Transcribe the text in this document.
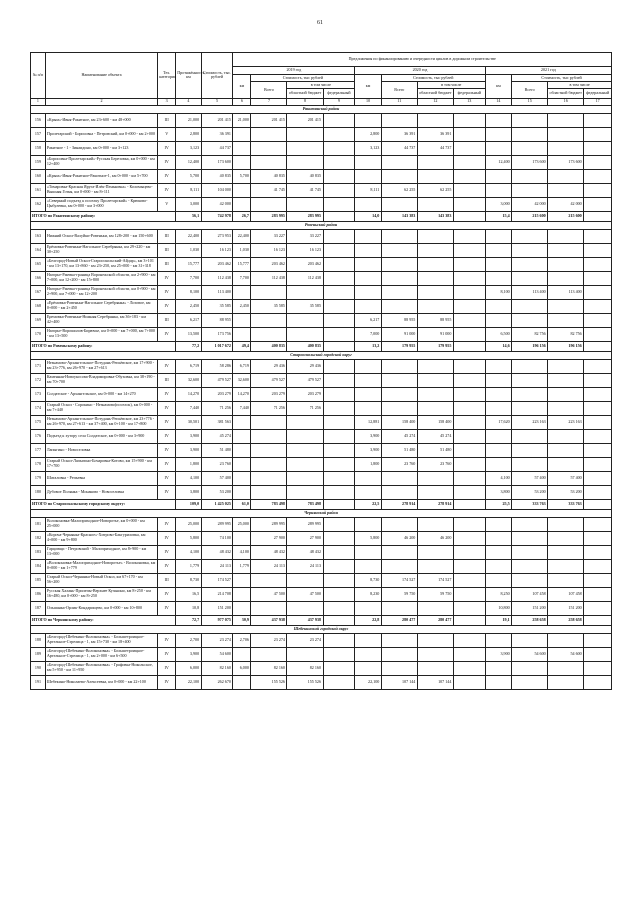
61
№ п/п	Наименование объекта	Тех. категория	Протяжённость, км	Стоимость, тыс. рублей	Предложения по финансированию и очередности циклов в дорожном строительстве											
					2019 год				2020 год				2021 год			
					км	Стоимость, тыс рублей			км	Стоимость, тыс рублей			км	Стоимость, тыс рублей		
						Всего	в том числе			Всего	в том числе			Всего	в том числе	
							областной бюджет	федеральный			областной бюджет	федеральный			областной бюджет	федеральный
1	2	3	4	5	6	7	8	9	10	11	12	13	14	15	16	17
Ракитянский район																
156	«Крым»-Ивня-Ракитное, км 23+600 - км 48+000	III	21,000	201 415	21,000	201 415	201 415									
157	Пролетарский - Борисовка - Петровский, км 0+000 - км 2+000	V	2,800	36 391					2,800	36 391	36 391					
158	Ракитное - 1 - Зинаидино, км 0+000 - км 3+123	IV	3,123	44 737					3,123	44 737	44 737					
159	«Борисовка-Пролетарский»-Русская Березовка, км 0+000 - км 12+400	IV	12,400	173 600									12,400	173 600	173 600	
160	«Крым»-Ивня-Ракитное-Ракитное-1, км 0+000 - км 5+700	IV	5,700	40 835	5,700	40 835	40 835									
161	«Томаровка-Красная Яруга-Илёк-Пеньковка» - Коломыцево-Вышняя Готня, км 0+000 - км 8+111	IV	8,111	104 000		41 745	41 745		8,111	62 255	62 255					
162	«Северный подъезд к поселку Пролетарский» - Крюково-Цыбулевка, км 0+000 - км 3+000	V	3,000	42 000									3,000	42 000	42 000	
ИТОГО по Ракитянскому району:			56,1	742 978	26,7	283 995	283 995		14,0	143 383	143 383		15,4	215 600	215 600	
Ровеньский район																
163	Нижний Оскол-Валуйки-Ровеньки, км 128+200 - км 150+600	III	22,400	273 953	22,400	33 227	33 227									
164	Ерёмовка-Ровеньки-Нагольное Серебрянка, км 29+220 - км 30+250	III	1,030	16 123	1,030	16 123	16 123									
165	«Белгород-Новый Оскол-Старооскольский-Айдар», км 3+101 - км 13+170, км 13+860 - км 23+250, км 25+000 - км 31+318	III	15,777	203 462	15,777	203 462	203 462									
166	Нагорье-Ржевка-граница Воронежской области, км 2+900 - км 7+000, км 12+200 - км 15+800	IV	7,700	112 438	7,700	112 438	112 438									
167	Нагорье-Ржевка-граница Воронежской области, км 0+900 - км 2+900, км 7+000 - км 12+200	IV	8,100	113 400									8,100	113 400	113 400	
168	«Ерёмовка-Ровеньки-Нагольное Серебрянка» - Лозовое, км 0+000 - км 2+450	IV	2,450	35 585	2,450	35 585	35 585									
169	Еремовка-Ровеньки-Нижняя Серебрянка, км 36+183 - км 42+400	III	6,217	88 955					6,217	88 955	88 955					
170	Нагорье-Ворошилов-Бирючье, км 0+000 - км 7+000, км 7+000 - км 13+500	IV	13,500	173 756					7,000	91 000	91 000		6,500	82 756	82 756	
ИТОГО по Ровеньскому району:			77,2	1 017 672	49,4	400 835	400 835		13,2	179 955	179 955		14,6	196 156	196 156	
Старооскольский городской округ																
171	Незнамово-Архангельское-Потудань-Репьёвское, км 17+900 - км 23+776, км 26+970 - км 27+613	IV	6,719	58 286	6,719	29 436	29 436									
172	Каменная-Новоукосова-Владимировка-Обуховка, км 38+190 - км 70+700	III	32,600	479 527	32,600	479 527	479 527									
173	Солдатское - Архангельское, км 0+000 - км 14+270	IV	14,270	203 279	14,270	203 279	203 279									
174	Старый Оскол - Сорокино - Незнамово(поселок), км 0+000 - км 7+440	IV	7,440	71 256	7,440	71 256	71 256									
175	Незнамово-Архангельское-Потудань-Репьёвское, км 23+776 - км 26+970, км 27+613 - км 37+400, км 0+100 - км 17+800	IV	30,501	381 563					12,881	158 400	158 400		17,620	223 163	223 163	
176	Подъезд к хутору села Солдатское, км 0+000 - км 3+900	IV	3,900	45 274					3,900	45 274	45 274					
177	Лапыгино - Новоселовка	IV	3,900	51 480					3,900	51 480	51 480					
178	Старый Оскол-Лапыгино-Бочаровка-Котово, км 15+900 - км 17+700	IV	1,800	23 760					1,800	23 760	23 760					
179	Шаталовка - Репьевка	IV	4,100	57 400									4,100	57 400	57 400	
180	Дубовое Полянка - Монаково - Новоселовка	IV	3,800	53 200									3,800	53 200	53 200	
ИТОГО по Старооскольскому городскому округу:			109,0	1 425 025	61,0	783 498	783 498		22,5	278 914	278 914		25,5	333 763	333 763	
Чернянский район																
181	Волоконовка-Малоприходное-Новоротье, км 0+000 - км 25+000	IV	25,000	289 995	25,000	289 995	289 995									
182	«Короча-Чернянка-Красное»-Хитрово-Бакгуриловка, км 4+000 - км 9+800	IV	5,800	74 100		27 900	27 900		5,800	46 200	46 200					
183	Гарцовщи - Петровский - Малоприходное, км 8+900 - км 13+000	IV	4,100	48 432	4,100	48 432	48 432									
184	«Волоконовка-Малоприходное-Новоротье» - Волоконовка, км 0+000 - км 1+779	IV	1,779	24 113	1,779	24 113	24 113									
185	Старый Оскол-Чернянка-Новый Оскол, км 67+170 - км 56+200	III	8,730	174 527					8,730	174 527	174 527					
186	Русская Халань-Прилепы-Верхнее Кузькино, км 8+250 - км 16+480, км 0+000 - км 8+250	IV	16,5	214 708		47 500	47 500		8,230	59 750	59 750		8,250	107 458	107 458	
187	Ольшанка-Орлик-Кондарищево, км 0+000 - км 10+800	IV	10,8	151 200									10,800	151 200	151 200	
ИТОГО по Чернянскому району:			72,7	977 075	30,9	437 938	437 938		22,8	280 477	280 477		19,1	258 658	258 658	
Шебекинский городской округ																
188	«Белгород-Шебекино-Волоконовка» - Большетроицкое-Артельное-Стрелица - 1, км 15+730 - км 18+400	IV	2,700	23 274	2,706	23 274	23 274									
189	«Белгород-Шебекино-Волоконовка» - Большетроицкое-Артельное-Стрелица - 1, км 2+000 - км 6+500	IV	3,900	54 600									3,900	54 600	54 600	
190	«Белгород-Шебекино-Волоконовка» - Графовка-Никольское, км 5+950 - км 11+950	IV	6,000	82 160	6,000	82 160	82 160									
191	Шебекино-Николаево-Алексеевка, км 0+000 - км 22+100	IV	22,100	262 670		155 526	155 526		22,100	107 144	107 144					
